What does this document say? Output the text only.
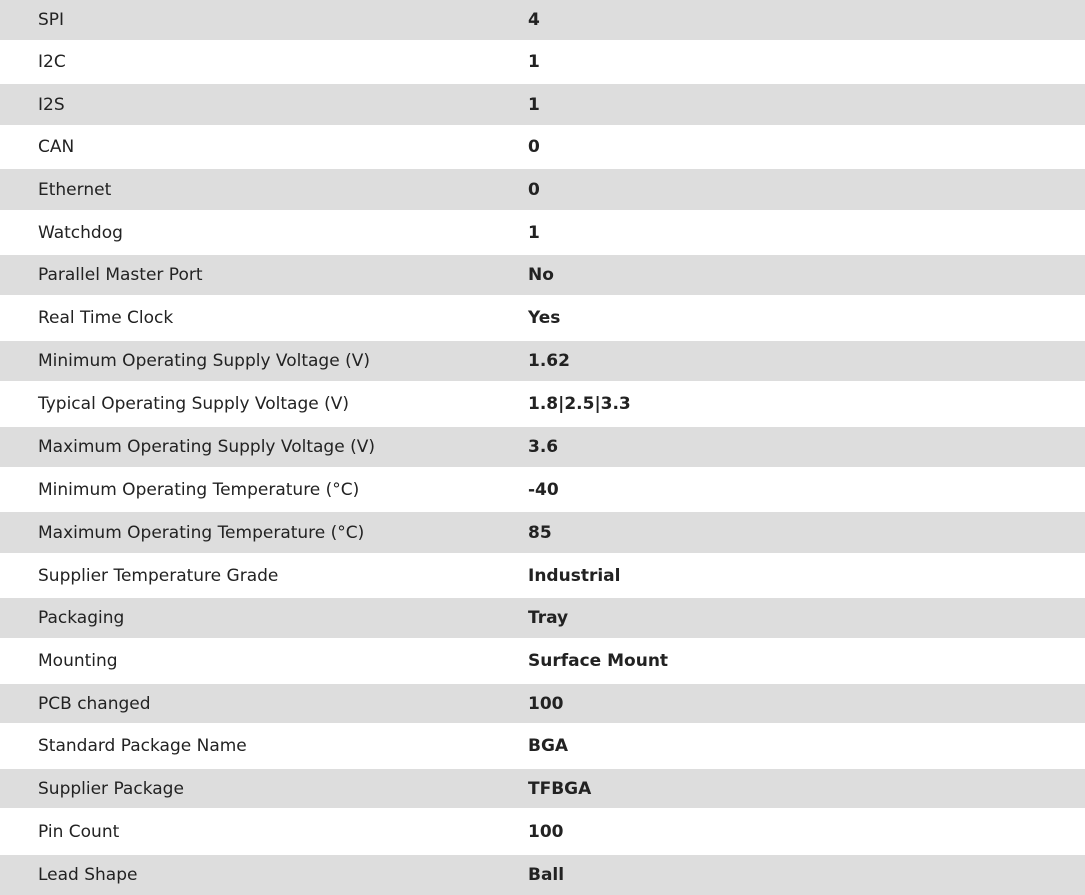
SPI	4
I2C	1
I2S	1
CAN	0
Ethernet	0
Watchdog	1
Parallel Master Port	No
Real Time Clock	Yes
Minimum Operating Supply Voltage (V)	1.62
Typical Operating Supply Voltage (V)	1.8|2.5|3.3
Maximum Operating Supply Voltage (V)	3.6
Minimum Operating Temperature (°C)	-40
Maximum Operating Temperature (°C)	85
Supplier Temperature Grade	Industrial
Packaging	Tray
Mounting	Surface Mount
PCB changed	100
Standard Package Name	BGA
Supplier Package	TFBGA
Pin Count	100
Lead Shape	Ball
